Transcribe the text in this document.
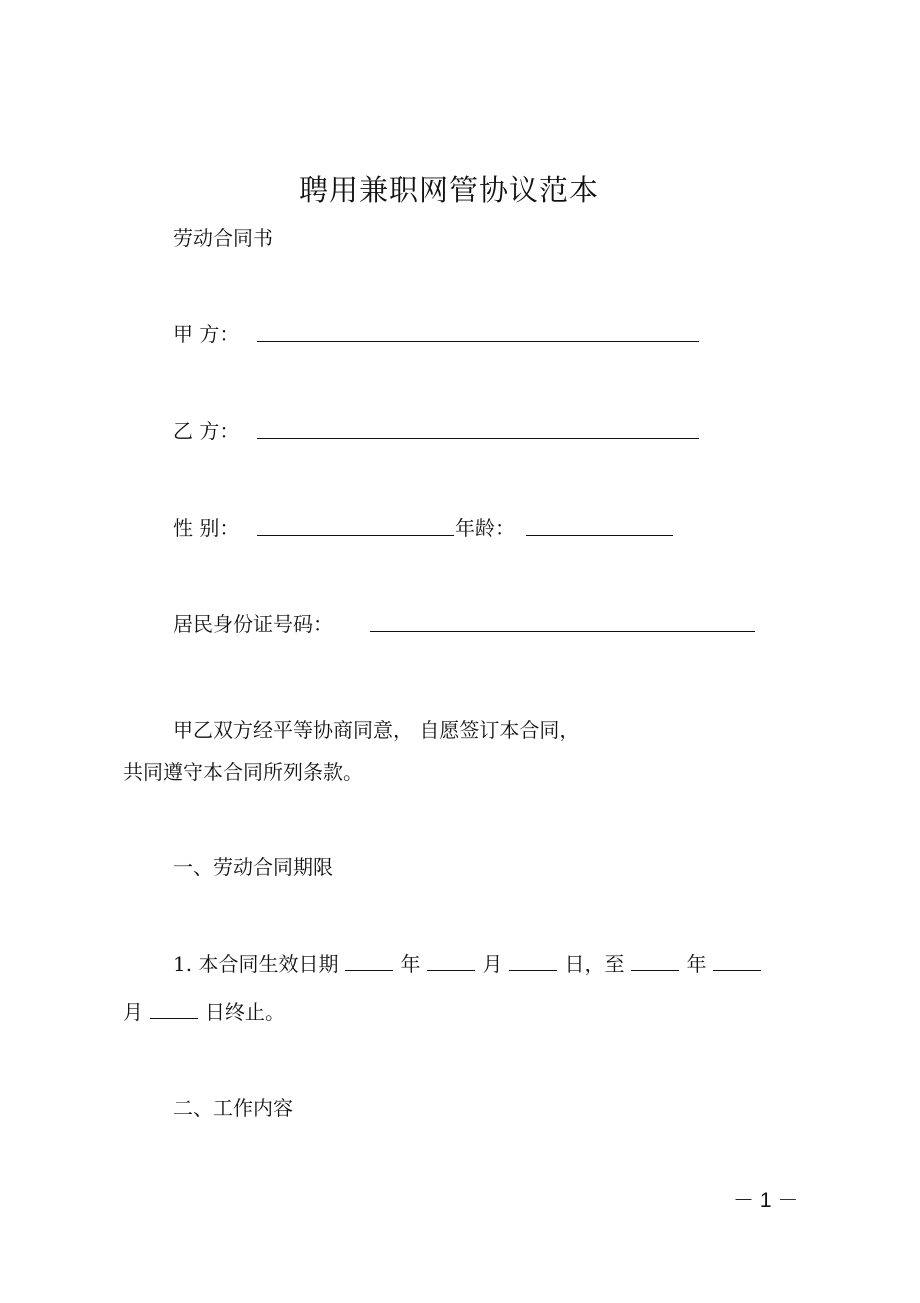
聘用兼职网管协议范本
劳动合同书
甲 方：
乙 方：
性 别：	年龄：
居民身份证号码：
甲乙双方经平等协商同意， 自愿签订本合同，
共同遵守本合同所列条款。
一、劳动合同期限
1. 本合同生效日期	年	月	日，至	年
月	日终止。
二、工作内容
－ 1 －
